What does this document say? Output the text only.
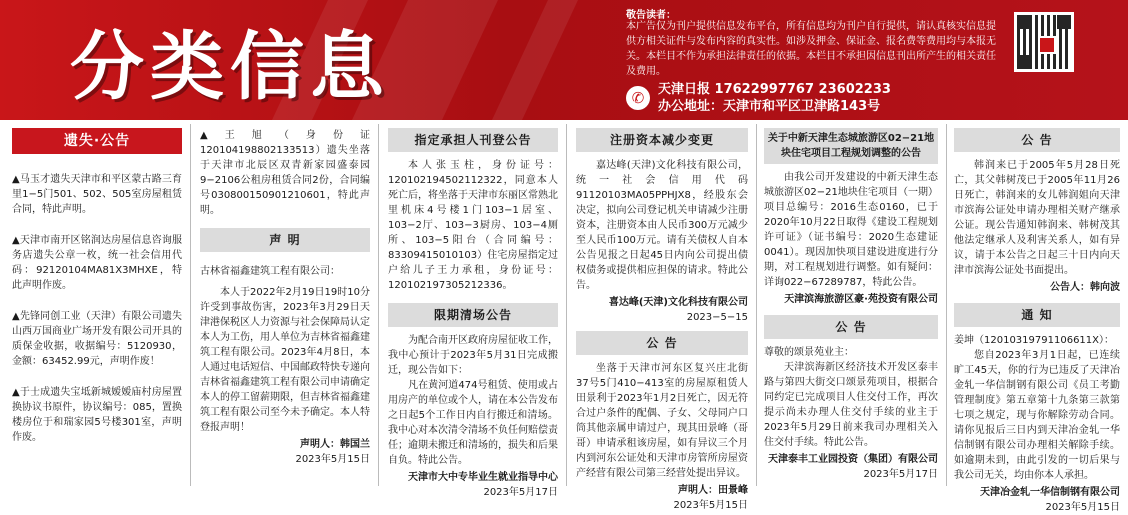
分类信息
敬告读者：
本广告仅为刊户提供信息发布平台，所有信息均为刊户自行提供，请认真核实信息提供方相关证件与发布内容的真实性。如涉及押金、保证金、报名费等费用均与本报无关。本栏目不作为承担法律责任的依据。本栏目不承担因信息刊出所产生的相关责任及费用。
✆	天津日报 17622997767 23602233
办公地址：天津市和平区卫津路143号
遗失·公告
▲马玉才遗失天津市和平区蒙古路三育里1−5门501、502、505室房屋租赁合同，特此声明。
▲天津市南开区铭润达房屋信息咨询服务店遗失公章一枚，统一社会信用代码：92120104MA81X3MHXE，特此声明作废。
▲先锋同创工业（天津）有限公司遗失山西万国商业广场开发有限公司开具的质保金收据，收据编号：5120930，金额：63452.99元，声明作废！
▲于士成遗失宝坻新城嫒嫒庙村房屋置换协议书原件，协议编号：085，置换楼房位于和瑞家园5号楼301室，声明作废。
▲王旭（身份证120104198802133513）遗失坐落于天津市北辰区双青新家园盛泰园9−2106公租房租赁合同2份，合同编号030800150901210601，特此声明。
声 明
古林省福鑫建筑工程有限公司：
本人于2022年2月19日19时10分许受到事故伤害，2023年3月29日天津港保税区人力资源与社会保障局认定本人为工伤，用人单位为吉林省福鑫建筑工程有限公司。2023年4月8日，本人通过电话短信、中国邮政特快专递向吉林省福鑫建筑工程有限公司申请确定本人的停工留薪期限，但吉林省福鑫建筑工程有限公司至今未予确定。本人特登报声明！
声明人：韩国兰
2023年5月15日
指定承担人刊登公告
本人张玉柱，身份证号：120102194502112322，同意本人死亡后，将坐落于天津市东丽区常熟北里机床4号楼1门103−1居室、103−2厅、103−3厨房、103−4厕所、103−5阳台（合同编号：83309415010103）住宅房屋指定过户给儿子王力承租，身份证号：120102197305212336。
限期清场公告
为配合南开区政府房屋征收工作，我中心预计于2023年5月31日完成搬迁，现公告如下：
凡在黄河道474号租赁、使用或占用房产的单位或个人，请在本公告发布之日起5个工作日内自行搬迁和清场。我中心对本次清令清场不负任何赔偿责任；逾期未搬迁和清场的，损失和后果自负。特此公告。
天津市大中专毕业生就业指导中心
2023年5月17日
注册资本减少变更
嘉达峰(天津)文化科技有限公司，统一社会信用代码91120103MA05PPHJX8，经股东会决定，拟向公司登记机关申请减少注册资本，注册资本由人民币300万元减少至人民币100万元。请有关债权人自本公告见报之日起45日内向公司提出债权债务或提供相应担保的请求。特此公告。
喜达峰(天津)文化科技有限公司
2023−5−15
公 告
坐落于天津市河东区复兴庄北街37号5门410−413室的房屋原租赁人田景利于2023年1月2日死亡，因无符合过户条件的配偶、子女、父母同户口筒其他亲属申请过户，现其田景峰（哥哥）申请承租该房屋，如有异议三个月内到河东公证处和天津市房管所房屋资产经营有限公司第三经营处提出异议。
声明人：田景峰
2023年5月15日
关于中新天津生态城旅游区02−21地块住宅项目工程规划调整的公告
由我公司开发建设的中新天津生态城旅游区02−21地块住宅项目（一期）项目总编号：2016生态0160，已于2020年10月22日取得《建设工程规划许可证》（证书编号：2020生态建证0041）。现因加快项目建设进度进行分期，对工程规划进行调整。如有疑问：详询022−67289787，特此公告。
天津滨海旅游区豪·苑投资有限公司
公 告
尊敬的颂景苑业主：
天津滨海新区经济技术开发区泰丰路与第四大街交口颂景苑项目，根据合同约定已完成项目人住交付工作，再次提示尚未办理人住交付手续的业主于2023年5月29日前来我司办理相关入住交付手续。特此公告。
天津泰丰工业园投资（集团）有限公司
2023年5月17日
公 告
韩润来已于2005年5月28日死亡，其父韩树茂已于2005年11月26日死亡，韩润来的女儿韩润姐向天津市滨海公证处申请办理相关财产继承公证。现公告通知韩润来、韩树茂其他法定继承人及利害关系人，如有异议，请于本公告之日起三十日内向天津市滨海公证处书面提出。
公告人：韩向波
通 知
姜坤（120103197911066​11X）：
您自2023年3月1日起，已连续旷工45天，你的行为已违反了天津冶金轧一华信制钢有限公司《员工考勤管理制度》第五章第十九条第三款第七项之规定，现与你解除劳动合同。请你见报后三日内到天津冶金轧一华信制钢有限公司办理相关解除手续。如逾期未到，由此引发的一切后果与我公司无关，均由你本人承担。
天津冶金轧一华信制钢有限公司
2023年5月15日
